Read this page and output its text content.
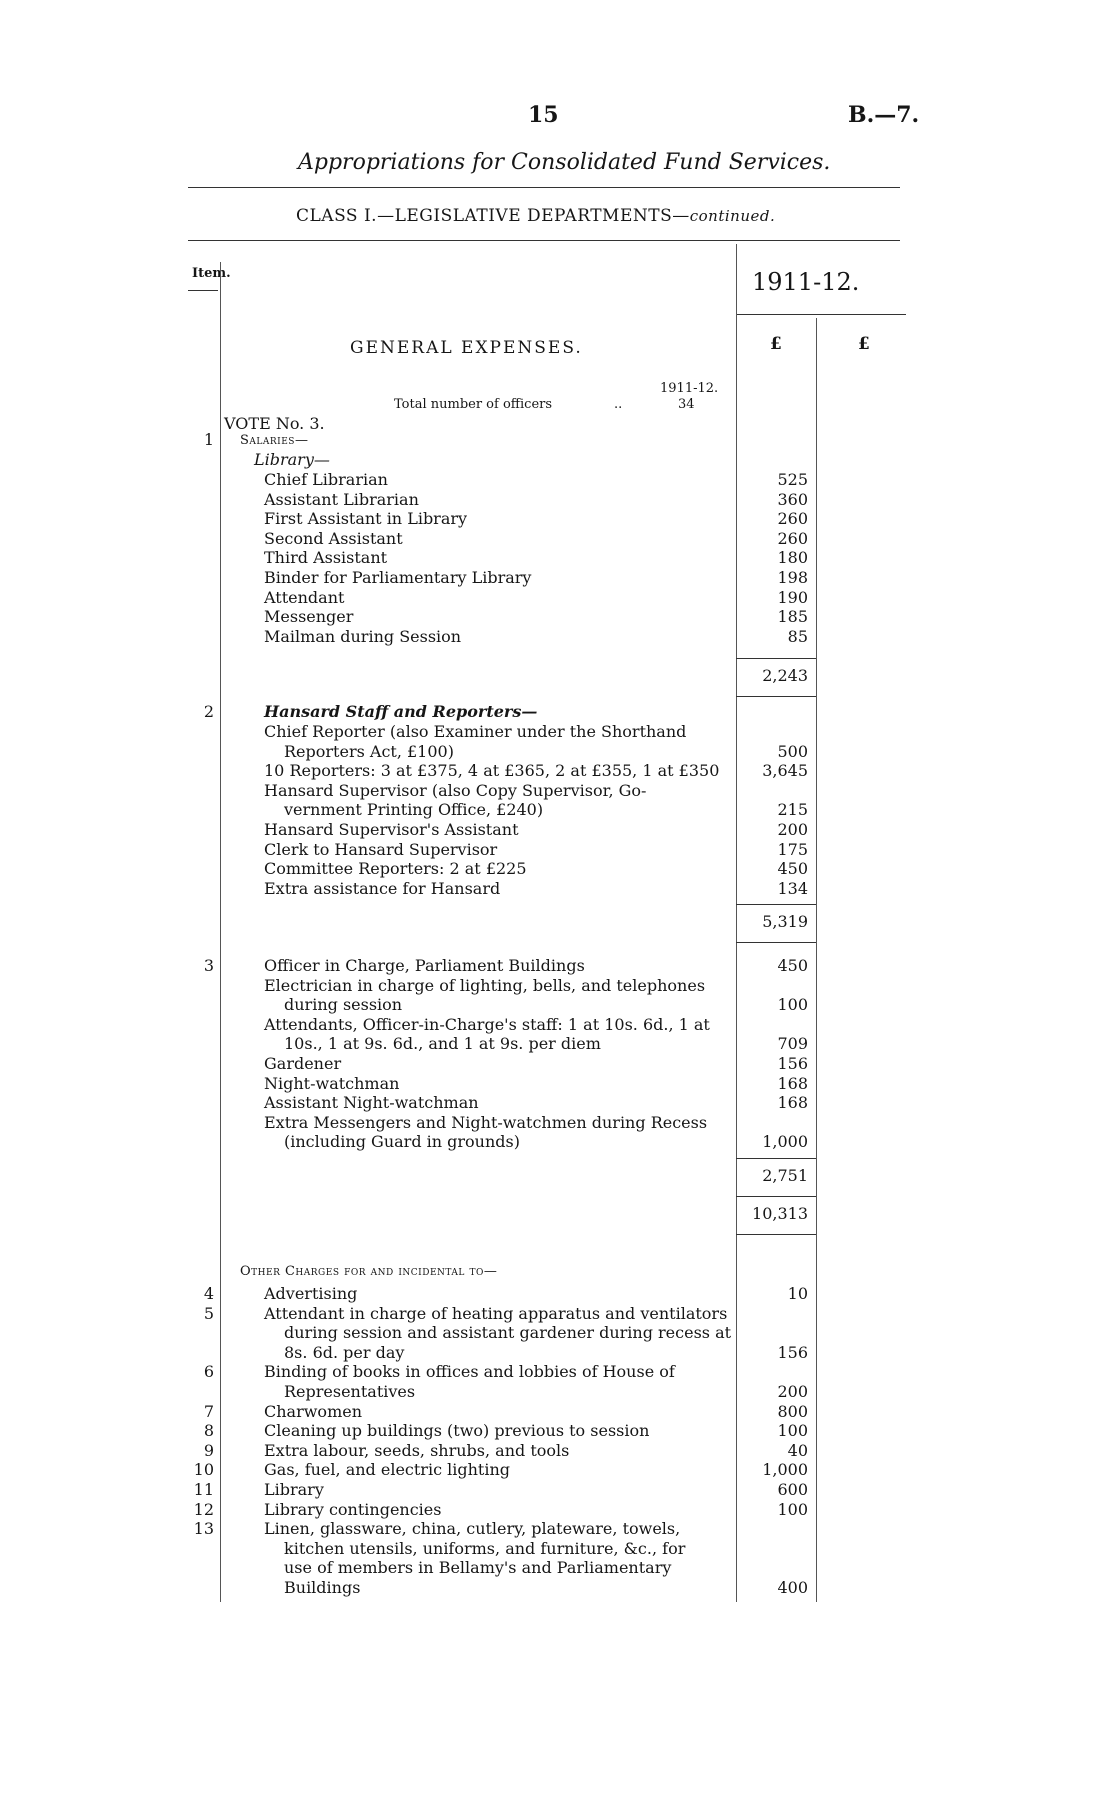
15	B.—7.
Appropriations for Consolidated Fund Services.
CLASS I.—LEGISLATIVE DEPARTMENTS—continued.
Item.	1911-12.
£	£
GENERAL EXPENSES.
Total number of officers	..
1911-12.
34
VOTE No. 3.
1 Salaries—
Library—
Chief Librarian	525
Assistant Librarian	360
First Assistant in Library	260
Second Assistant	260
Third Assistant	180
Binder for Parliamentary Library	198
Attendant	190
Messenger	185
Mailman during Session	85
2,243
2	Hansard Staff and Reporters—
Chief Reporter (also Examiner under the Shorthand
Reporters Act, £100)	500
10 Reporters: 3 at £375, 4 at £365, 2 at £355, 1 at £350	3,645
Hansard Supervisor (also Copy Supervisor, Go-
vernment Printing Office, £240)	215
Hansard Supervisor's Assistant	200
Clerk to Hansard Supervisor	175
Committee Reporters: 2 at £225	450
Extra assistance for Hansard	134
5,319
3	Officer in Charge, Parliament Buildings	450
Electrician in charge of lighting, bells, and telephones
during session	100
Attendants, Officer-in-Charge's staff: 1 at 10s. 6d., 1 at
10s., 1 at 9s. 6d., and 1 at 9s. per diem	709
Gardener	156
Night-watchman	168
Assistant Night-watchman	168
Extra Messengers and Night-watchmen during Recess
(including Guard in grounds)	1,000
2,751
10,313
Other Charges for and incidental to—
4	Advertising	10
5	Attendant in charge of heating apparatus and ventilators
during session and assistant gardener during recess at
8s. 6d. per day	156
6	Binding of books in offices and lobbies of House of
Representatives	200
7	Charwomen	800
8	Cleaning up buildings (two) previous to session	100
9	Extra labour, seeds, shrubs, and tools	40
10	Gas, fuel, and electric lighting	1,000
11	Library	600
12	Library contingencies	100
13	Linen, glassware, china, cutlery, plateware, towels,
kitchen utensils, uniforms, and furniture, &c., for
use of members in Bellamy's and Parliamentary
Buildings	400
